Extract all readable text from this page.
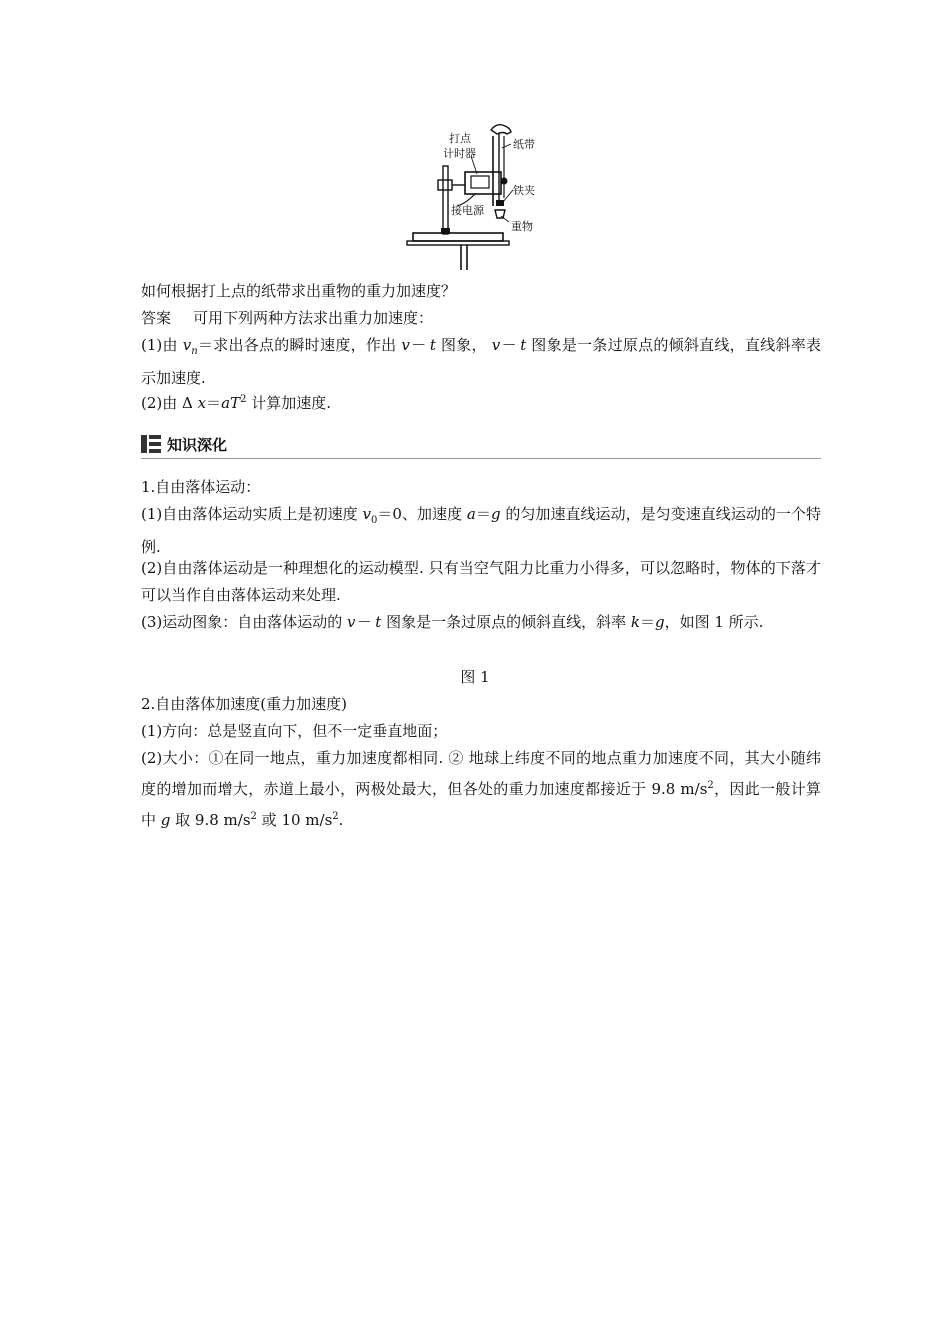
打点
计时器
纸带
铁夹
接电源
重物

如何根据打上点的纸带求出重物的重力加速度？

答案 可用下列两种方法求出重力加速度：

(1)由 $v_n=$求出各点的瞬时速度，作出 v－ t 图象， v－ t 图象是一条过原点的倾斜直线，直线斜率表示加速度.

(2)由 Δ $x=aT^2$ 计算加速度.

知识深化

1.自由落体运动：

(1)自由落体运动实质上是初速度 $v_0=0$、加速度 a＝g 的匀加速直线运动，是匀变速直线运动的一个特例.

(2)自由落体运动是一种理想化的运动模型. 只有当空气阻力比重力小得多，可以忽略时，物体的下落才可以当作自由落体运动来处理.

(3)运动图象：自由落体运动的 v－ t 图象是一条过原点的倾斜直线，斜率 k＝g，如图 1 所示.

图 1

2.自由落体加速度(重力加速度)

(1)方向：总是竖直向下，但不一定垂直地面；

(2)大小：①在同一地点，重力加速度都相同. ② 地球上纬度不同的地点重力加速度不同，其大小随纬度的增加而增大，赤道上最小，两极处最大，但各处的重力加速度都接近于 9.8 $m/s^2$，因此一般计算中 g 取 9.8 $m/s^2$ 或 10 $m/s^2$.
